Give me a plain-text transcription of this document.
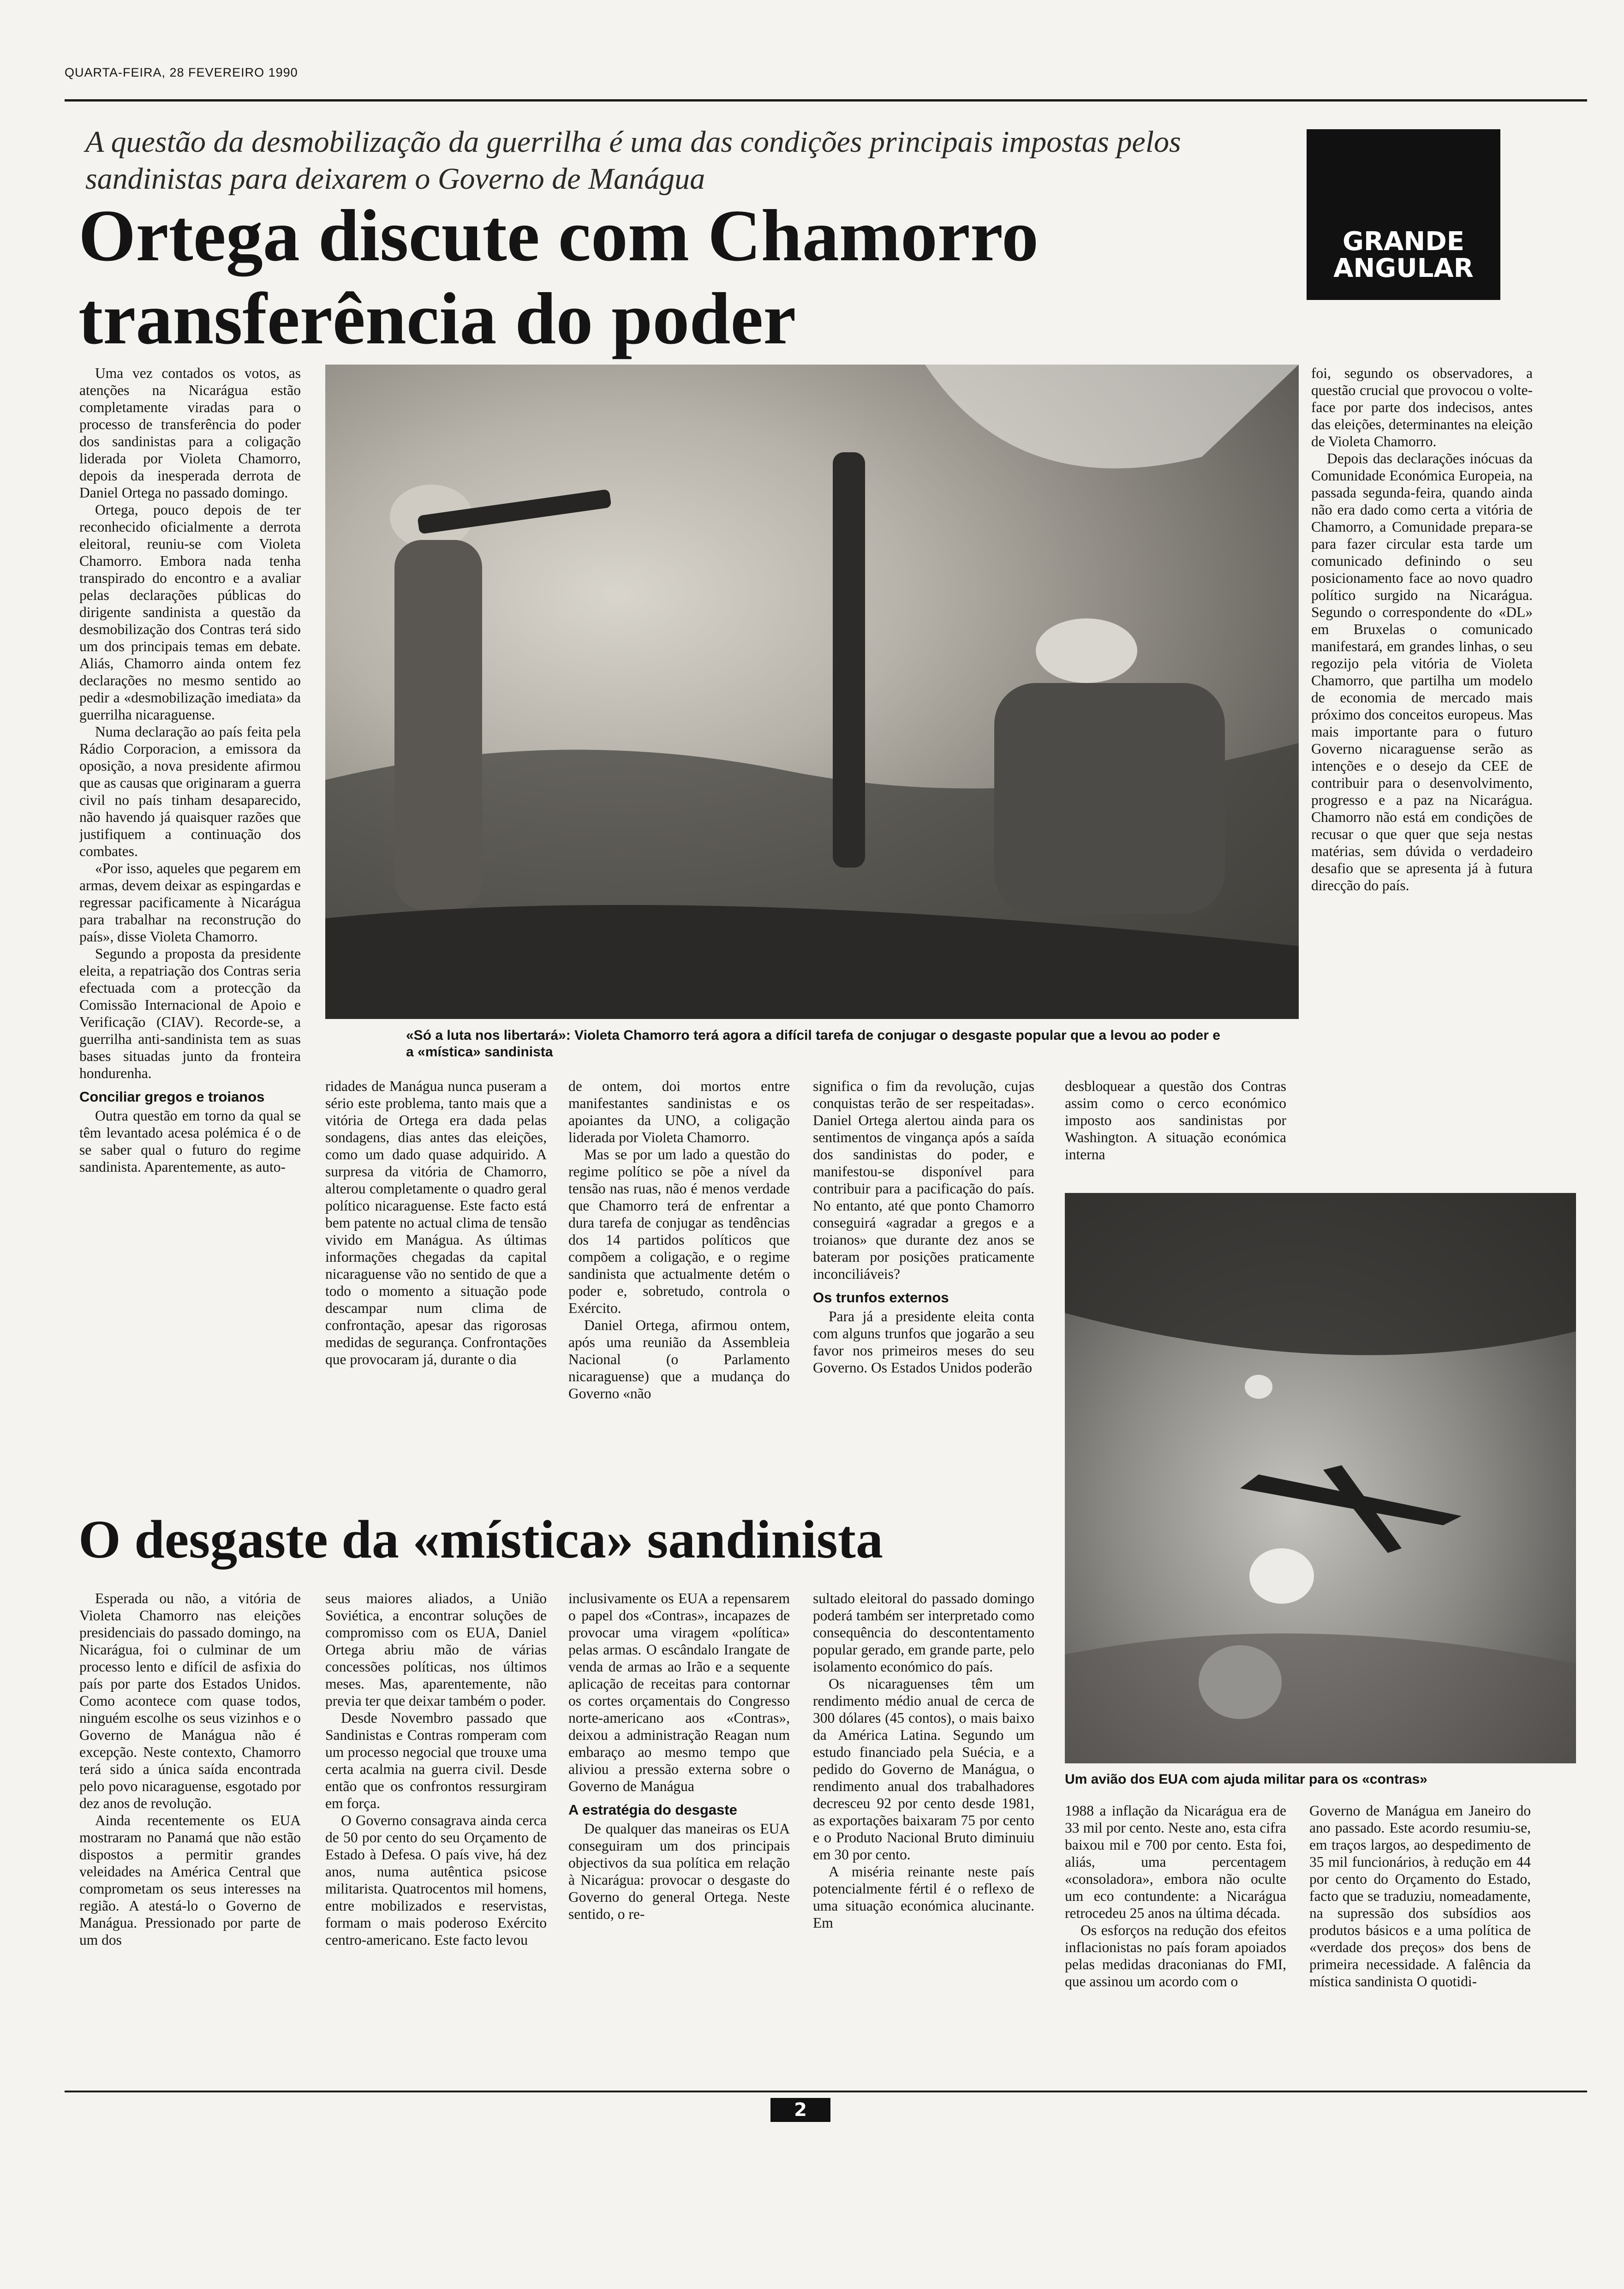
QUARTA-FEIRA, 28 FEVEREIRO 1990
A questão da desmobilização da guerrilha é uma das condições principais impostas pelos sandinistas para deixarem o Governo de Manágua
Ortega discute com Chamorro transferência do poder
GRANDE
ANGULAR
«Só a luta nos libertará»: Violeta Chamorro terá agora a difícil tarefa de conjugar o desgaste popular que a levou ao poder e a «mística» sandinista

Uma vez contados os votos, as atenções na Nicarágua estão completamente viradas para o processo de transferência do poder dos sandinistas para a coligação liderada por Violeta Chamorro, depois da inesperada derrota de Daniel Ortega no passado domingo.

Ortega, pouco depois de ter reconhecido oficialmente a derrota eleitoral, reuniu-se com Violeta Chamorro. Embora nada tenha transpirado do encontro e a avaliar pelas declarações públicas do dirigente sandinista a questão da desmobilização dos Contras terá sido um dos principais temas em debate. Aliás, Chamorro ainda ontem fez declarações no mesmo sentido ao pedir a «desmobilização imediata» da guerrilha nicaraguense.

Numa declaração ao país feita pela Rádio Corporacion, a emissora da oposição, a nova presidente afirmou que as causas que originaram a guerra civil no país tinham desaparecido, não havendo já quaisquer razões que justifiquem a continuação dos combates.

«Por isso, aqueles que pegarem em armas, devem deixar as espingardas e regressar pacificamente à Nicarágua para trabalhar na reconstrução do país», disse Violeta Chamorro.

Segundo a proposta da presidente eleita, a repatriação dos Contras seria efectuada com a protecção da Comissão Internacional de Apoio e Verificação (CIAV). Recorde-se, a guerrilha anti-sandinista tem as suas bases situadas junto da fronteira hondurenha.

Conciliar gregos e troianos

Outra questão em torno da qual se têm levantado acesa polémica é o de se saber qual o futuro do regime sandinista. Aparentemente, as auto-

ridades de Manágua nunca puseram a sério este problema, tanto mais que a vitória de Ortega era dada pelas sondagens, dias antes das eleições, como um dado quase adquirido. A surpresa da vitória de Chamorro, alterou completamente o quadro geral político nicaraguense. Este facto está bem patente no actual clima de tensão vivido em Manágua. As últimas informações chegadas da capital nicaraguense vão no sentido de que a todo o momento a situação pode descampar num clima de confrontação, apesar das rigorosas medidas de segurança. Confrontações que provocaram já, durante o dia

de ontem, doi mortos entre manifestantes sandinistas e os apoiantes da UNO, a coligação liderada por Violeta Chamorro.

Mas se por um lado a questão do regime político se põe a nível da tensão nas ruas, não é menos verdade que Chamorro terá de enfrentar a dura tarefa de conjugar as tendências dos 14 partidos políticos que compõem a coligação, e o regime sandinista que actualmente detém o poder e, sobretudo, controla o Exército.

Daniel Ortega, afirmou ontem, após uma reunião da Assembleia Nacional (o Parlamento nicaraguense) que a mudança do Governo «não

significa o fim da revolução, cujas conquistas terão de ser respeitadas». Daniel Ortega alertou ainda para os sentimentos de vingança após a saída dos sandinistas do poder, e manifestou-se disponível para contribuir para a pacificação do país. No entanto, até que ponto Chamorro conseguirá «agradar a gregos e a troianos» que durante dez anos se bateram por posições praticamente inconciliáveis?

Os trunfos externos

Para já a presidente eleita conta com alguns trunfos que jogarão a seu favor nos primeiros meses do seu Governo. Os Estados Unidos poderão

desbloquear a questão dos Contras assim como o cerco económico imposto aos sandinistas por Washington. A situação económica interna

foi, segundo os observadores, a questão crucial que provocou o volte-face por parte dos indecisos, antes das eleições, determinantes na eleição de Violeta Chamorro.

Depois das declarações inócuas da Comunidade Económica Europeia, na passada segunda-feira, quando ainda não era dado como certa a vitória de Chamorro, a Comunidade prepara-se para fazer circular esta tarde um comunicado definindo o seu posicionamento face ao novo quadro político surgido na Nicarágua. Segundo o correspondente do «DL» em Bruxelas o comunicado manifestará, em grandes linhas, o seu regozijo pela vitória de Violeta Chamorro, que partilha um modelo de economia de mercado mais próximo dos conceitos europeus. Mas mais importante para o futuro Governo nicaraguense serão as intenções e o desejo da CEE de contribuir para o desenvolvimento, progresso e a paz na Nicarágua. Chamorro não está em condições de recusar o que quer que seja nestas matérias, sem dúvida o verdadeiro desafio que se apresenta já à futura direcção do país.

Um avião dos EUA com ajuda militar para os «contras»
O desgaste da «mística» sandinista

Esperada ou não, a vitória de Violeta Chamorro nas eleições presidenciais do passado domingo, na Nicarágua, foi o culminar de um processo lento e difícil de asfixia do país por parte dos Estados Unidos. Como acontece com quase todos, ninguém escolhe os seus vizinhos e o Governo de Manágua não é excepção. Neste contexto, Chamorro terá sido a única saída encontrada pelo povo nicaraguense, esgotado por dez anos de revolução.

Ainda recentemente os EUA mostraram no Panamá que não estão dispostos a permitir grandes veleidades na América Central que comprometam os seus interesses na região. A atestá-lo o Governo de Manágua. Pressionado por parte de um dos

seus maiores aliados, a União Soviética, a encontrar soluções de compromisso com os EUA, Daniel Ortega abriu mão de várias concessões políticas, nos últimos meses. Mas, aparentemente, não previa ter que deixar também o poder.

Desde Novembro passado que Sandinistas e Contras romperam com um processo negocial que trouxe uma certa acalmia na guerra civil. Desde então que os confrontos ressurgiram em força.

O Governo consagrava ainda cerca de 50 por cento do seu Orçamento de Estado à Defesa. O país vive, há dez anos, numa autêntica psicose militarista. Quatrocentos mil homens, entre mobilizados e reservistas, formam o mais poderoso Exército centro-americano. Este facto levou

inclusivamente os EUA a repensarem o papel dos «Contras», incapazes de provocar uma viragem «política» pelas armas. O escândalo Irangate de venda de armas ao Irão e a sequente aplicação de receitas para contornar os cortes orçamentais do Congresso norte-americano aos «Contras», deixou a administração Reagan num embaraço ao mesmo tempo que aliviou a pressão externa sobre o Governo de Manágua

A estratégia do desgaste

De qualquer das maneiras os EUA conseguiram um dos principais objectivos da sua política em relação à Nicarágua: provocar o desgaste do Governo do general Ortega. Neste sentido, o re-

sultado eleitoral do passado domingo poderá também ser interpretado como consequência do descontentamento popular gerado, em grande parte, pelo isolamento económico do país.

Os nicaraguenses têm um rendimento médio anual de cerca de 300 dólares (45 contos), o mais baixo da América Latina. Segundo um estudo financiado pela Suécia, e a pedido do Governo de Manágua, o rendimento anual dos trabalhadores decresceu 92 por cento desde 1981, as exportações baixaram 75 por cento e o Produto Nacional Bruto diminuiu em 30 por cento.

A miséria reinante neste país potencialmente fértil é o reflexo de uma situação económica alucinante. Em

1988 a inflação da Nicarágua era de 33 mil por cento. Neste ano, esta cifra baixou mil e 700 por cento. Esta foi, aliás, uma percentagem «consoladora», embora não oculte um eco contundente: a Nicarágua retrocedeu 25 anos na última década.

Os esforços na redução dos efeitos inflacionistas no país foram apoiados pelas medidas draconianas do FMI, que assinou um acordo com o

Governo de Manágua em Janeiro do ano passado. Este acordo resumiu-se, em traços largos, ao despedimento de 35 mil funcionários, à redução em 44 por cento do Orçamento do Estado, facto que se traduziu, nomeadamente, na supressão dos subsídios aos produtos básicos e a uma política de «verdade dos preços» dos bens de primeira necessidade. A falência da mística sandinista O quotidi-

2
